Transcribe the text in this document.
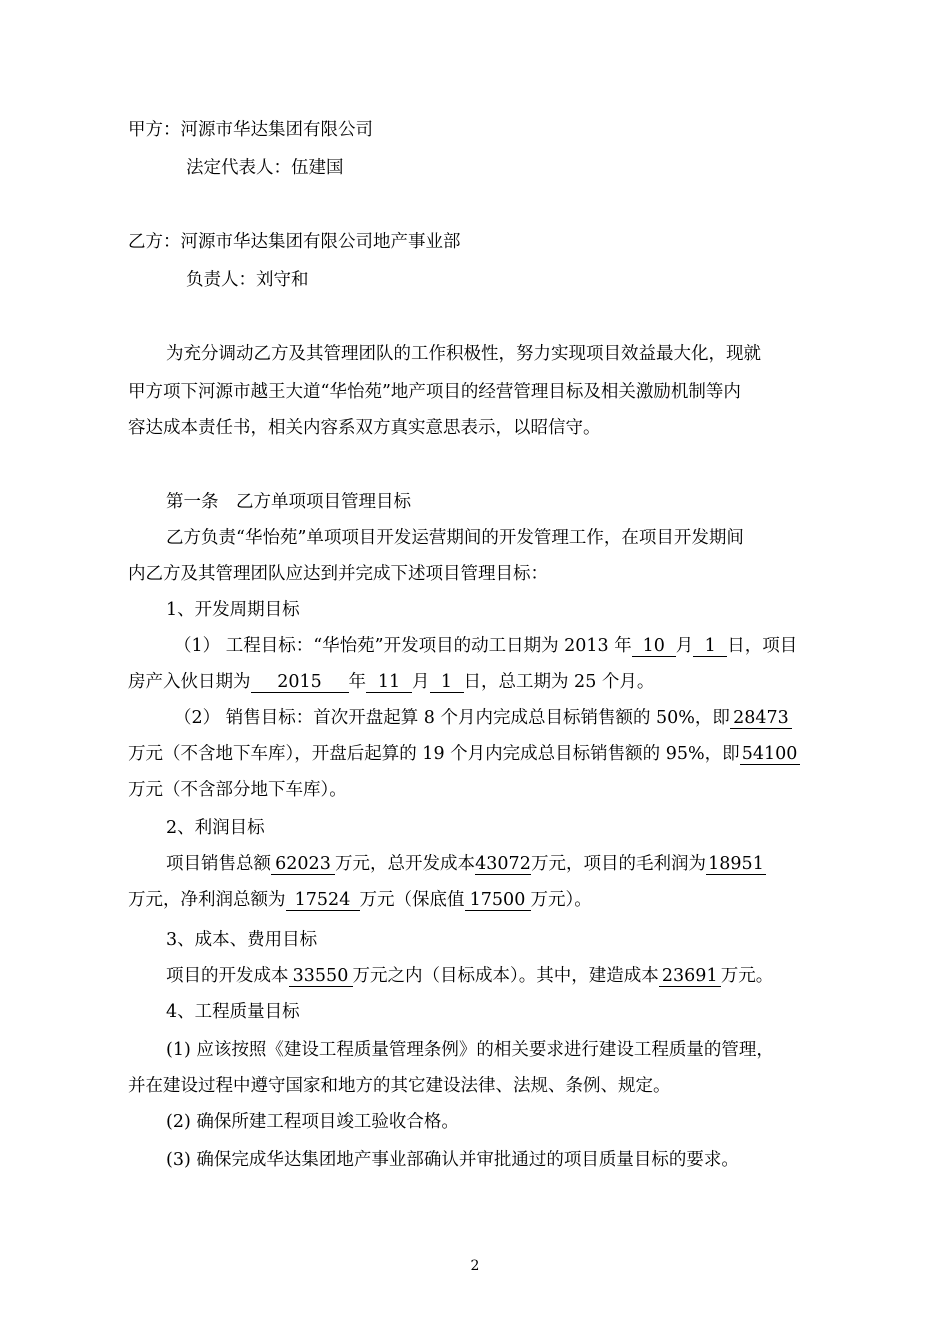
甲方：河源市华达集团有限公司
法定代表人：伍建国
乙方：河源市华达集团有限公司地产事业部
负责人：刘守和
为充分调动乙方及其管理团队的工作积极性，努力实现项目效益最大化，现就
甲方项下河源市越王大道“华怡苑”地产项目的经营管理目标及相关激励机制等内
容达成本责任书，相关内容系双方真实意思表示，以昭信守。
第一条　乙方单项项目管理目标
乙方负责“华怡苑”单项项目开发运营期间的开发管理工作，在项目开发期间
内乙方及其管理团队应达到并完成下述项目管理目标：
1、开发周期目标
（1） 工程目标：“华怡苑”开发项目的动工日期为 2013 年 10 月 1 日，项目
房产入伙日期为 2015 年 11 月 1 日，总工期为 25 个月。
（2） 销售目标：首次开盘起算 8 个月内完成总目标销售额的 50%，即 28473
万元（不含地下车库），开盘后起算的 19 个月内完成总目标销售额的 95%，即 54100
万元（不含部分地下车库）。
2、利润目标
项目销售总额 62023 万元，总开发成本43072万元，项目的毛利润为 18951
万元，净利润总额为 17524 万元（保底值 17500 万元）。
3、成本、费用目标
项目的开发成本 33550 万元之内（目标成本）。其中，建造成本 23691 万元。
4、工程质量目标
(1) 应该按照《建设工程质量管理条例》的相关要求进行建设工程质量的管理，
并在建设过程中遵守国家和地方的其它建设法律、法规、条例、规定。
(2) 确保所建工程项目竣工验收合格。
(3) 确保完成华达集团地产事业部确认并审批通过的项目质量目标的要求。
2
